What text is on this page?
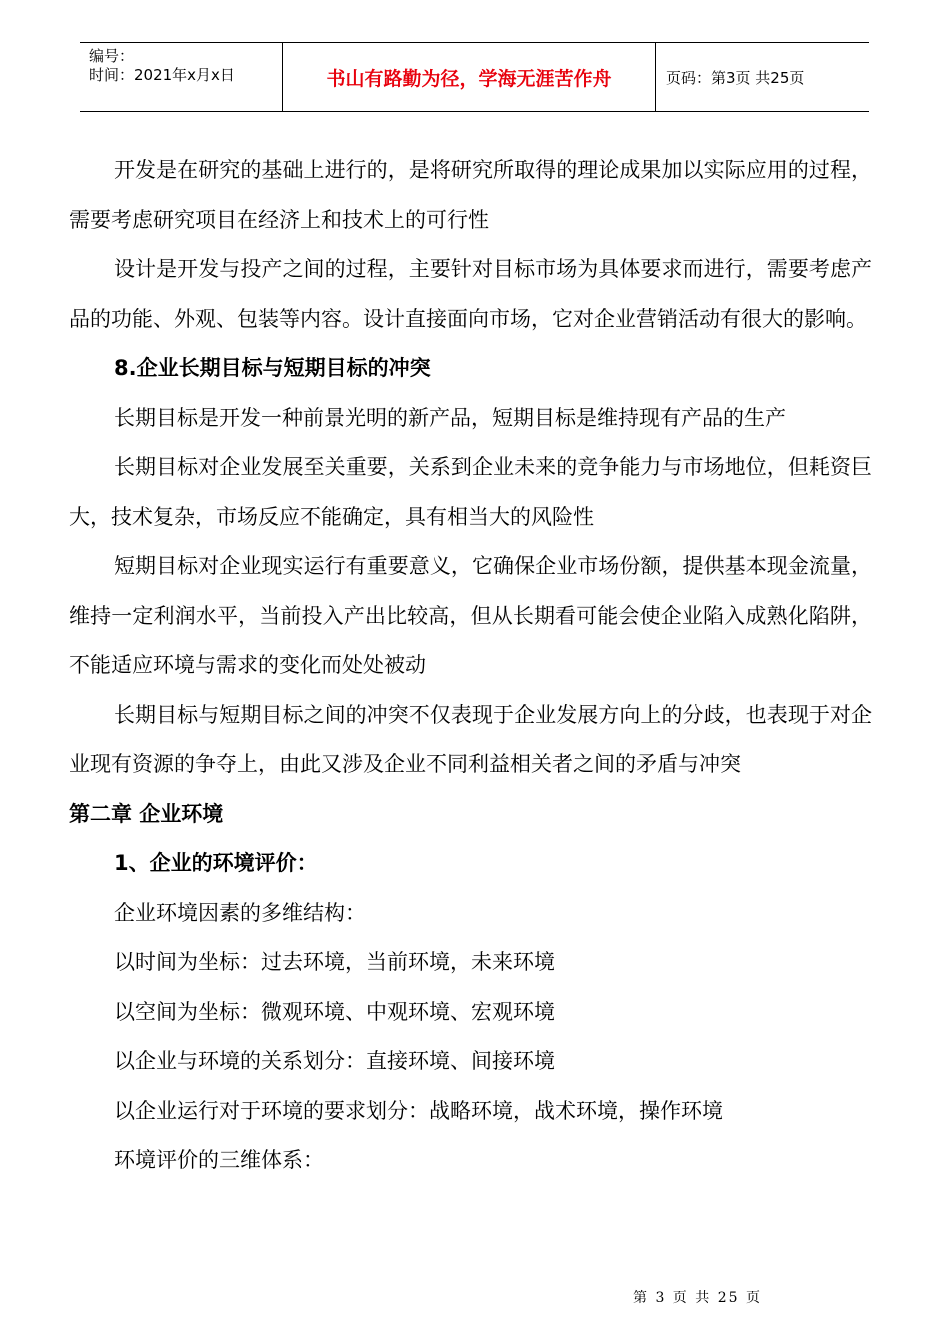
编号：
时间：2021年x月x日	书山有路勤为径，学海无涯苦作舟	页码：第3页 共25页

开发是在研究的基础上进行的，是将研究所取得的理论成果加以实际应用的过程，需要考虑研究项目在经济上和技术上的可行性

设计是开发与投产之间的过程，主要针对目标市场为具体要求而进行，需要考虑产品的功能、外观、包装等内容。设计直接面向市场，它对企业营销活动有很大的影响。

8.企业长期目标与短期目标的冲突

长期目标是开发一种前景光明的新产品，短期目标是维持现有产品的生产

长期目标对企业发展至关重要，关系到企业未来的竞争能力与市场地位，但耗资巨大，技术复杂，市场反应不能确定，具有相当大的风险性

短期目标对企业现实运行有重要意义，它确保企业市场份额，提供基本现金流量，维持一定利润水平，当前投入产出比较高，但从长期看可能会使企业陷入成熟化陷阱，不能适应环境与需求的变化而处处被动

长期目标与短期目标之间的冲突不仅表现于企业发展方向上的分歧，也表现于对企业现有资源的争夺上，由此又涉及企业不同利益相关者之间的矛盾与冲突

第二章 企业环境

1、企业的环境评价：

企业环境因素的多维结构：

以时间为坐标：过去环境，当前环境，未来环境

以空间为坐标：微观环境、中观环境、宏观环境

以企业与环境的关系划分：直接环境、间接环境

以企业运行对于环境的要求划分：战略环境，战术环境，操作环境

环境评价的三维体系：

第 3 页 共 25 页
